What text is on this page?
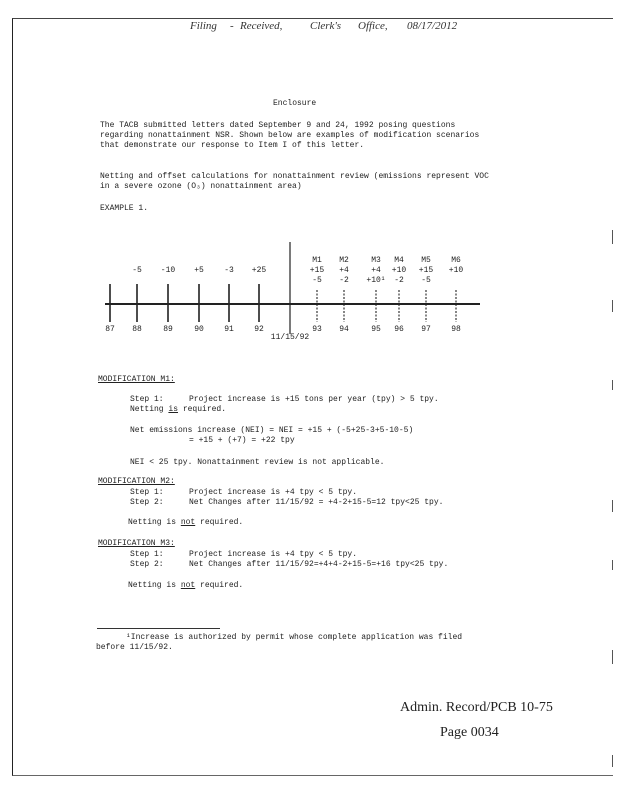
Filing - Received,	Clerk's Office, 08/17/2012
Enclosure
The TACB submitted letters dated September 9 and 24, 1992 posing questions regarding nonattainment NSR. Shown below are examples of modification scenarios that demonstrate our response to Item I of this letter.
Netting and offset calculations for nonattainment review (emissions represent VOC in a severe ozone (O₃) nonattainment area)
EXAMPLE 1.
87 88	89	90	91	92	93 94	95 96 97	98
-5 -10 +5	-3 +25
M1
+15
-5
M2
+4
-2
M3
+4
+10¹
M4
+10
-2
M5
+15
-5
M6
+10
11/15/92
MODIFICATION M1:
Step 1:	Project increase is +15 tons per year (tpy) > 5 tpy.
Netting is required.
Net emissions increase (NEI) = NEI = +15 + (-5+25-3+5-10-5)
= +15 + (+7) = +22 tpy
NEI < 25 tpy. Nonattainment review is not applicable.
MODIFICATION M2:
Step 1:	Project increase is +4 tpy < 5 tpy.
Step 2:	Net Changes after 11/15/92 = +4-2+15-5=12 tpy<25 tpy.
Netting is not required.
MODIFICATION M3:
Step 1:	Project increase is +4 tpy < 5 tpy.
Step 2:	Net Changes after 11/15/92=+4+4-2+15-5=+16 tpy<25 tpy.
Netting is not required.
¹Increase is authorized by permit whose complete application was filed before 11/15/92.
Admin. Record/PCB 10-75
Page 0034
